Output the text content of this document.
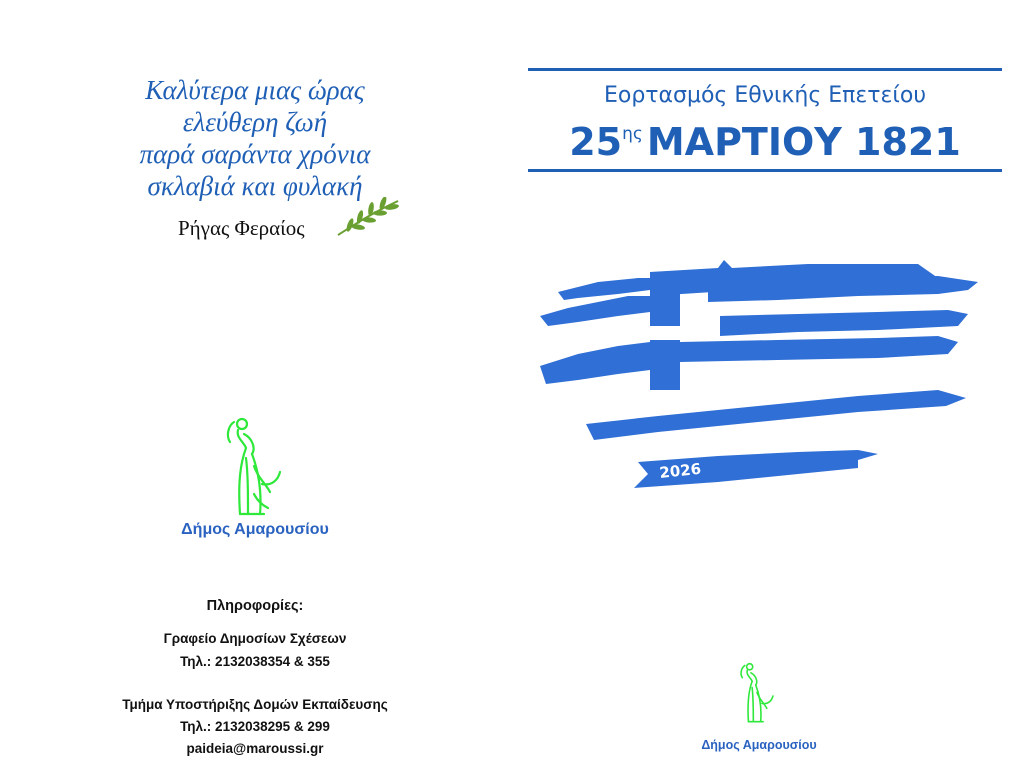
Καλύτερα μιας ώρας
ελεύθερη ζωή
παρά σαράντα χρόνια
σκλαβιά και φυλακή
Ρήγας Φεραίος
Δήμος Αμαρουσίου
Πληροφορίες:
Γραφείο Δημοσίων Σχέσεων
Τηλ.: 2132038354 & 355
Τμήμα Υποστήριξης Δομών Εκπαίδευσης
Τηλ.: 2132038295 & 299
paideia@maroussi.gr
Εορτασμός Εθνικής Επετείου
$25^{\eta\varsigma}$ ΜΑΡΤΙΟΥ 1821
2026
Δήμος Αμαρουσίου
